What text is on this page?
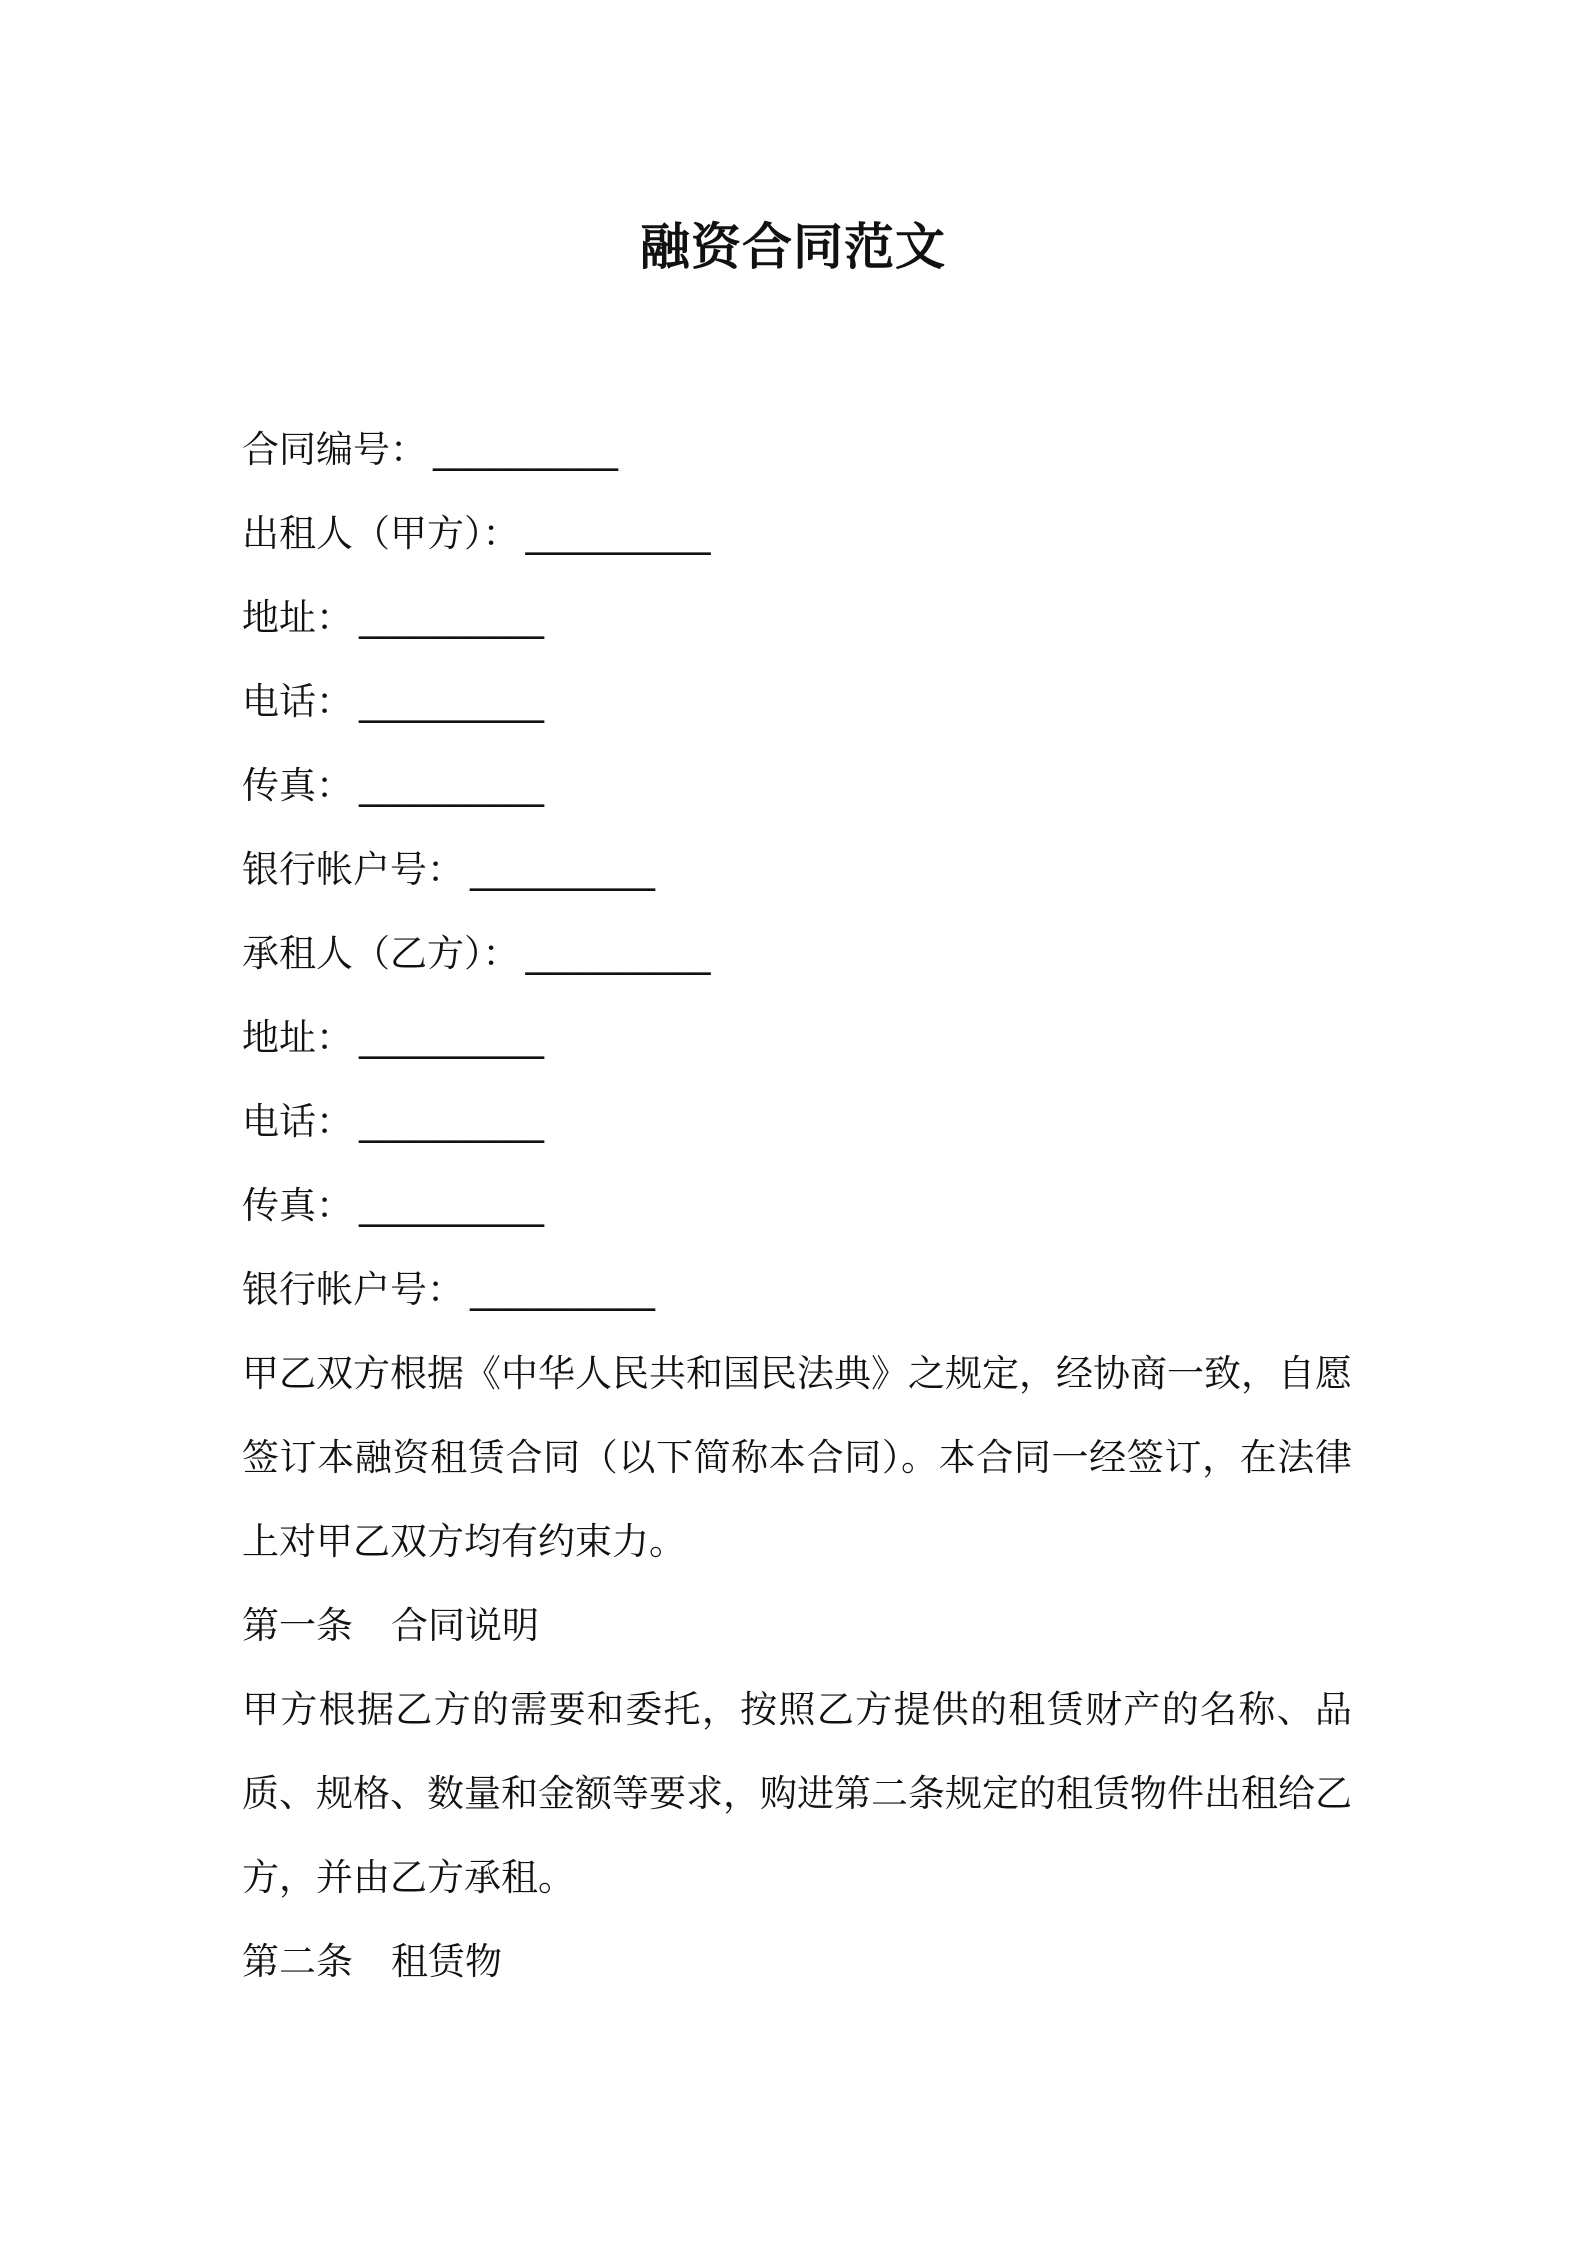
融资合同范文
合同编号： __________
出租人（甲方）： __________
地址： __________
电话： __________
传真： __________
银行帐户号： __________
承租人（乙方）： __________
地址： __________
电话： __________
传真： __________
银行帐户号： __________
甲乙双方根据《中华人民共和国民法典》之规定，经协商一致，自愿签订本融资租赁合同（以下简称本合同）。本合同一经签订，在法律上对甲乙双方均有约束力。
第一条 合同说明
甲方根据乙方的需要和委托，按照乙方提供的租赁财产的名称、品质、规格、数量和金额等要求，购进第二条规定的租赁物件出租给乙方，并由乙方承租。
第二条 租赁物
